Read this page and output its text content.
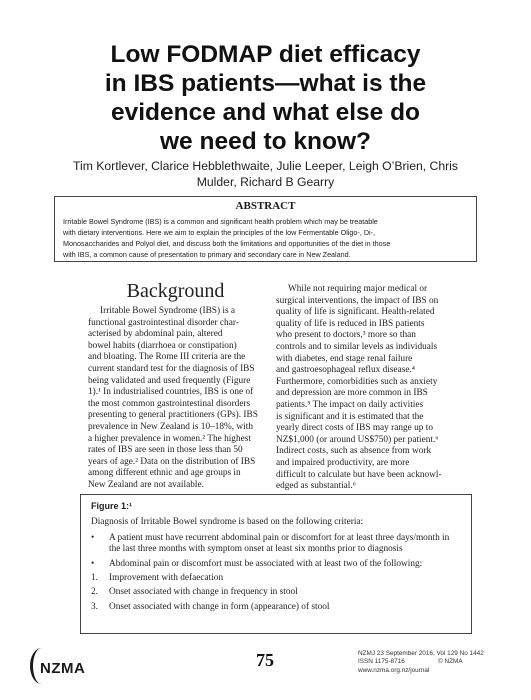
Low FODMAP diet efficacy
in IBS patients—what is the
evidence and what else do
we need to know?
Tim Kortlever, Clarice Hebblethwaite, Julie Leeper, Leigh O’Brien, Chris
Mulder, Richard B Gearry
ABSTRACT
Irritable Bowel Syndrome (IBS) is a common and significant health problem which may be treatable
with dietary interventions. Here we aim to explain the principles of the low Fermentable Oligo-, Di-,
Monosaccharides and Polyol diet, and discuss both the limitations and opportunities of the diet in those
with IBS, a common cause of presentation to primary and secondary care in New Zealand.
Background
Irritable Bowel Syndrome (IBS) is a
functional gastrointestinal disorder char-
acterised by abdominal pain, altered
bowel habits (diarrhoea or constipation)
and bloating. The Rome III criteria are the
current standard test for the diagnosis of IBS
being validated and used frequently (Figure
1).¹ In industrialised countries, IBS is one of
the most common gastrointestinal disorders
presenting to general practitioners (GPs). IBS
prevalence in New Zealand is 10–18%, with
a higher prevalence in women.² The highest
rates of IBS are seen in those less than 50
years of age.² Data on the distribution of IBS
among different ethnic and age groups in
New Zealand are not available.
While not requiring major medical or
surgical interventions, the impact of IBS on
quality of life is significant. Health-related
quality of life is reduced in IBS patients
who present to doctors,³ more so than
controls and to similar levels as individuals
with diabetes, end stage renal failure
and gastroesophageal reflux disease.⁴
Furthermore, comorbidities such as anxiety
and depression are more common in IBS
patients.⁵ The impact on daily activities
is significant and it is estimated that the
yearly direct costs of IBS may range up to
NZ$1,000 (or around US$750) per patient.⁶
Indirect costs, such as absence from work
and impaired productivity, are more
difficult to calculate but have been acknowl-
edged as substantial.⁶
Figure 1:¹
Diagnosis of Irritable Bowel syndrome is based on the following criteria:
•	A patient must have recurrent abdominal pain or discomfort for at least three days/month in the last three months with symptom onset at least six months prior to diagnosis
•	Abdominal pain or discomfort must be associated with at least two of the following:
1.	Improvement with defaecation
2.	Onset associated with change in frequency in stool
3.	Onset associated with change in form (appearance) of stool
NZMA	75	NZMJ 23 September 2016, Vol 129 No 1442
ISSN 1175-8716	© NZMA
www.nzma.org.nz/journal
